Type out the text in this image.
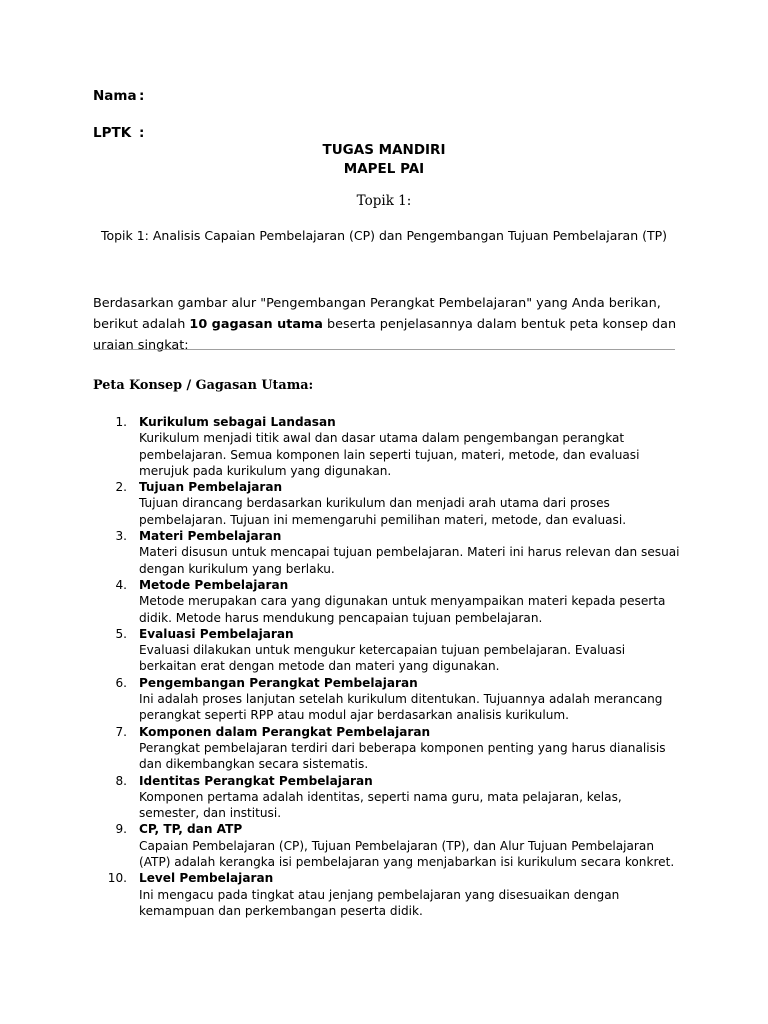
Nama :
LPTK :
TUGAS MANDIRI
MAPEL PAI
Topik 1:
Topik 1: Analisis Capaian Pembelajaran (CP) dan Pengembangan Tujuan Pembelajaran (TP)

Berdasarkan gambar alur "Pengembangan Perangkat Pembelajaran" yang Anda berikan, berikut adalah 10 gagasan utama beserta penjelasannya dalam bentuk peta konsep dan uraian singkat:

Peta Konsep / Gagasan Utama:
1. Kurikulum sebagai Landasan
Kurikulum menjadi titik awal dan dasar utama dalam pengembangan perangkat pembelajaran. Semua komponen lain seperti tujuan, materi, metode, dan evaluasi merujuk pada kurikulum yang digunakan.
2. Tujuan Pembelajaran
Tujuan dirancang berdasarkan kurikulum dan menjadi arah utama dari proses pembelajaran. Tujuan ini memengaruhi pemilihan materi, metode, dan evaluasi.
3. Materi Pembelajaran
Materi disusun untuk mencapai tujuan pembelajaran. Materi ini harus relevan dan sesuai dengan kurikulum yang berlaku.
4. Metode Pembelajaran
Metode merupakan cara yang digunakan untuk menyampaikan materi kepada peserta didik. Metode harus mendukung pencapaian tujuan pembelajaran.
5. Evaluasi Pembelajaran
Evaluasi dilakukan untuk mengukur ketercapaian tujuan pembelajaran. Evaluasi berkaitan erat dengan metode dan materi yang digunakan.
6. Pengembangan Perangkat Pembelajaran
Ini adalah proses lanjutan setelah kurikulum ditentukan. Tujuannya adalah merancang perangkat seperti RPP atau modul ajar berdasarkan analisis kurikulum.
7. Komponen dalam Perangkat Pembelajaran
Perangkat pembelajaran terdiri dari beberapa komponen penting yang harus dianalisis dan dikembangkan secara sistematis.
8. Identitas Perangkat Pembelajaran
Komponen pertama adalah identitas, seperti nama guru, mata pelajaran, kelas, semester, dan institusi.
9. CP, TP, dan ATP
Capaian Pembelajaran (CP), Tujuan Pembelajaran (TP), dan Alur Tujuan Pembelajaran (ATP) adalah kerangka isi pembelajaran yang menjabarkan isi kurikulum secara konkret.
10. Level Pembelajaran
Ini mengacu pada tingkat atau jenjang pembelajaran yang disesuaikan dengan kemampuan dan perkembangan peserta didik.
